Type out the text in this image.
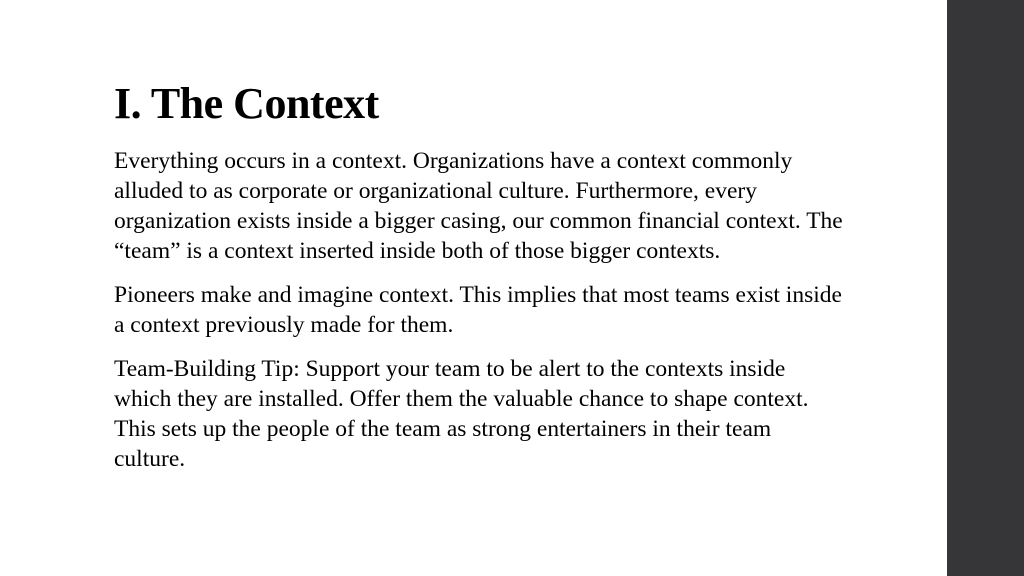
I. The Context

Everything occurs in a context. Organizations have a context commonly alluded to as corporate or organizational culture. Furthermore, every organization exists inside a bigger casing, our common financial context. The “team” is a context inserted inside both of those bigger contexts.

Pioneers make and imagine context. This implies that most teams exist inside a context previously made for them.

Team-Building Tip: Support your team to be alert to the contexts inside which they are installed. Offer them the valuable chance to shape context. This sets up the people of the team as strong entertainers in their team culture.
